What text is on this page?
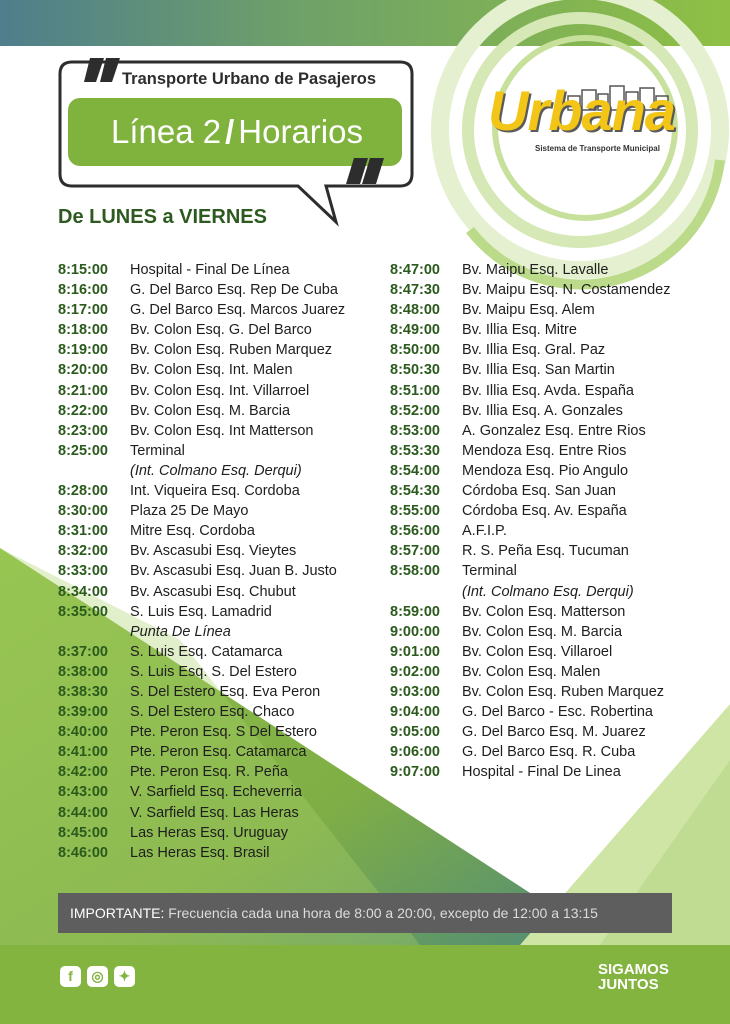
Transporte Urbano de Pasajeros
Línea 2 / Horarios	Urbana
Sistema de Transporte Municipal
De LUNES a VIERNES
8:15:00 Hospital - Final De Línea
8:16:00 G. Del Barco Esq. Rep De Cuba
8:17:00 G. Del Barco Esq. Marcos Juarez
8:18:00 Bv. Colon Esq. G. Del Barco
8:19:00 Bv. Colon Esq. Ruben Marquez
8:20:00 Bv. Colon Esq. Int. Malen
8:21:00 Bv. Colon Esq. Int. Villarroel
8:22:00 Bv. Colon Esq. M. Barcia
8:23:00 Bv. Colon Esq. Int Matterson
8:25:00 Terminal
(Int. Colmano Esq. Derqui)
8:28:00 Int. Viqueira Esq. Cordoba
8:30:00 Plaza 25 De Mayo
8:31:00 Mitre Esq. Cordoba
8:32:00 Bv. Ascasubi Esq. Vieytes
8:33:00 Bv. Ascasubi Esq. Juan B. Justo
8:34:00 Bv. Ascasubi Esq. Chubut
8:35:00 S. Luis Esq. Lamadrid
Punta De Línea
8:37:00 S. Luis Esq. Catamarca
8:38:00 S. Luis Esq. S. Del Estero
8:38:30 S. Del Estero Esq. Eva Peron
8:39:00 S. Del Estero Esq. Chaco
8:40:00 Pte. Peron Esq. S Del Estero
8:41:00 Pte. Peron Esq. Catamarca
8:42:00 Pte. Peron Esq. R. Peña
8:43:00 V. Sarfield Esq. Echeverria
8:44:00 V. Sarfield Esq. Las Heras
8:45:00 Las Heras Esq. Uruguay
8:46:00 Las Heras Esq. Brasil
8:47:00 Bv. Maipu Esq. Lavalle
8:47:30 Bv. Maipu Esq. N. Costamendez
8:48:00 Bv. Maipu Esq. Alem
8:49:00 Bv. Illia Esq. Mitre
8:50:00 Bv. Illia Esq. Gral. Paz
8:50:30 Bv. Illia Esq. San Martin
8:51:00 Bv. Illia Esq. Avda. España
8:52:00 Bv. Illia Esq. A. Gonzales
8:53:00 A. Gonzalez Esq. Entre Rios
8:53:30 Mendoza Esq. Entre Rios
8:54:00 Mendoza Esq. Pio Angulo
8:54:30 Córdoba Esq. San Juan
8:55:00 Córdoba Esq. Av. España
8:56:00 A.F.I.P.
8:57:00 R. S. Peña Esq. Tucuman
8:58:00 Terminal
(Int. Colmano Esq. Derqui)
8:59:00 Bv. Colon Esq. Matterson
9:00:00 Bv. Colon Esq. M. Barcia
9:01:00 Bv. Colon Esq. Villaroel
9:02:00 Bv. Colon Esq. Malen
9:03:00 Bv. Colon Esq. Ruben Marquez
9:04:00 G. Del Barco - Esc. Robertina
9:05:00 G. Del Barco Esq. M. Juarez
9:06:00 G. Del Barco Esq. R. Cuba
9:07:00 Hospital - Final De Linea
IMPORTANTE: Frecuencia cada una hora de 8:00 a 20:00, excepto de 12:00 a 13:15
f	◎	✦	SIGAMOS
JUNTOS
